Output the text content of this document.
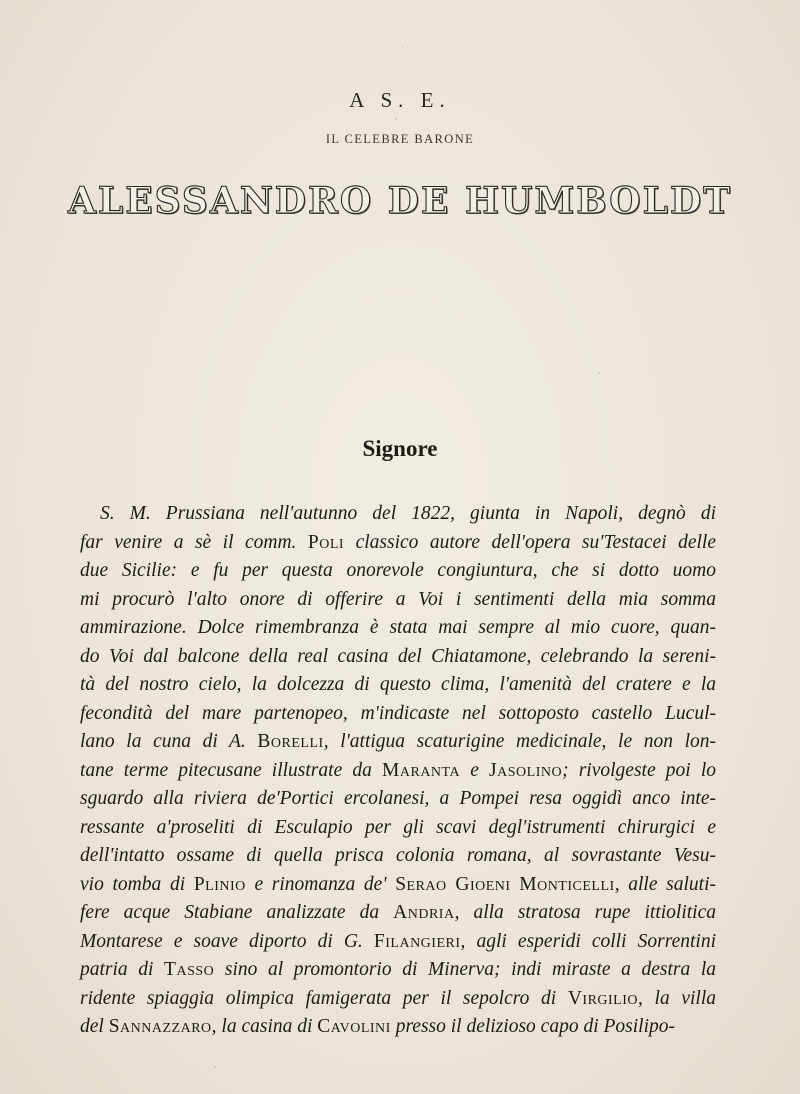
A S. E.
IL CELEBRE BARONE
ALESSANDRO DE HUMBOLDT
Signore
S. M. Prussiana nell'autunno del 1822, giunta in Napoli, degnò di
far venire a sè il comm. Poli classico autore dell'opera su'Testacei delle
due Sicilie: e fu per questa onorevole congiuntura, che si dotto uomo
mi procurò l'alto onore di offerire a Voi i sentimenti della mia somma
ammirazione. Dolce rimembranza è stata mai sempre al mio cuore, quan-
do Voi dal balcone della real casina del Chiatamone, celebrando la sereni-
tà del nostro cielo, la dolcezza di questo clima, l'amenità del cratere e la
fecondità del mare partenopeo, m'indicaste nel sottoposto castello Lucul-
lano la cuna di A. Borelli, l'attigua scaturigine medicinale, le non lon-
tane terme pitecusane illustrate da Maranta e Jasolino; rivolgeste poi lo
sguardo alla riviera de'Portici ercolanesi, a Pompei resa oggidì anco inte-
ressante a'proseliti di Esculapio per gli scavi degl'istrumenti chirurgici e
dell'intatto ossame di quella prisca colonia romana, al sovrastante Vesu-
vio tomba di Plinio e rinomanza de' Serao Gioeni Monticelli, alle saluti-
fere acque Stabiane analizzate da Andria, alla stratosa rupe ittiolitica
Montarese e soave diporto di G. Filangieri, agli esperidi colli Sorrentini
patria di Tasso sino al promontorio di Minerva; indi miraste a destra la
ridente spiaggia olimpica famigerata per il sepolcro di Virgilio, la villa
del Sannazzaro, la casina di Cavolini presso il delizioso capo di Posilipo-
